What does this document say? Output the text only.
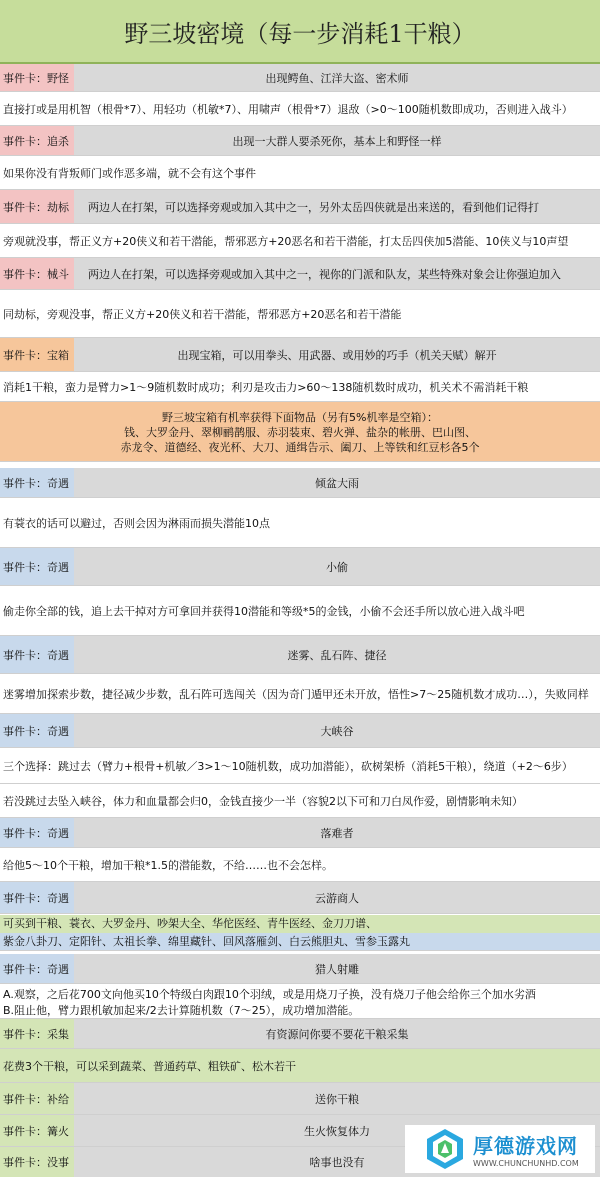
野三坡密境（每一步消耗1干粮）
事件卡：野怪	出现鳄鱼、江洋大盗、密术师
直接打或是用机智（根骨*7）、用轻功（机敏*7）、用啸声（根骨*7）退敌（>0～100随机数即成功，否则进入战斗）
事件卡：追杀	出现一大群人要杀死你，基本上和野怪一样
如果你没有背叛师门或作恶多端，就不会有这个事件
事件卡：劫标	两边人在打架，可以选择旁观或加入其中之一，另外太岳四侠就是出来送的，看到他们记得打
旁观就没事，帮正义方+20侠义和若干潜能，帮邪恶方+20恶名和若干潜能，打太岳四侠加5潜能、10侠义与10声望
事件卡：械斗	两边人在打架，可以选择旁观或加入其中之一，视你的门派和队友，某些特殊对象会让你强迫加入
同劫标，旁观没事，帮正义方+20侠义和若干潜能，帮邪恶方+20恶名和若干潜能
事件卡：宝箱	出现宝箱，可以用拳头、用武器、或用妙的巧手（机关天赋）解开
消耗1干粮，蛮力是臂力>1～9随机数时成功；利刃是攻击力>60～138随机数时成功，机关术不需消耗干粮
野三坡宝箱有机率获得下面物品（另有5%机率是空箱）：
钱、大罗金丹、翠柳鹂鹊服、赤羽装束、碧火弹、盐杂的帐册、巴山图、
赤龙令、道德经、夜光杯、大刀、通缉告示、阖刀、上等铁和红豆杉各5个
事件卡：奇遇	倾盆大雨
有蓑衣的话可以避过，否则会因为淋雨而损失潜能10点
事件卡：奇遇	小偷
偷走你全部的钱，追上去干掉对方可拿回并获得10潜能和等级*5的金钱，小偷不会还手所以放心进入战斗吧
事件卡：奇遇	迷雾、乱石阵、捷径
迷雾增加探索步数，捷径减少步数，乱石阵可选闯关（因为奇门遁甲还未开放，悟性>7～25随机数才成功…），失败同样
事件卡：奇遇	大峡谷
三个选择：跳过去（臂力+根骨+机敏／3>1～10随机数，成功加潜能），砍树架桥（消耗5干粮），绕道（+2～6步）
若没跳过去坠入峡谷，体力和血量都会归0，金钱直接少一半（容貌2以下可和刀白凤作爱，剧情影响未知）
事件卡：奇遇	落难者
给他5～10个干粮，增加干粮*1.5的潜能数，不给……也不会怎样。
事件卡：奇遇	云游商人
可买到干粮、蓑衣、大罗金丹、吵架大全、华佗医经、青牛医经、金刀刀谱、
紫金八卦刀、定阳针、太祖长拳、绵里藏针、回风落雁剑、白云熊胆丸、雪参玉露丸
事件卡：奇遇	猎人射雕
A.观察，之后花700文向他买10个特级白肉跟10个羽绒，或是用烧刀子换，没有烧刀子他会给你三个加水劣酒
B.阻止他，臂力跟机敏加起来/2去计算随机数（7～25），成功增加潜能。
事件卡：采集	有资源问你要不要花干粮采集
花费3个干粮，可以采到蔬菜、普通药草、粗铁矿、松木若干
事件卡：补给	送你干粮
事件卡：篝火	生火恢复体力
事件卡：没事	啥事也没有
厚德游戏网
WWW.CHUNCHUNHD.COM
